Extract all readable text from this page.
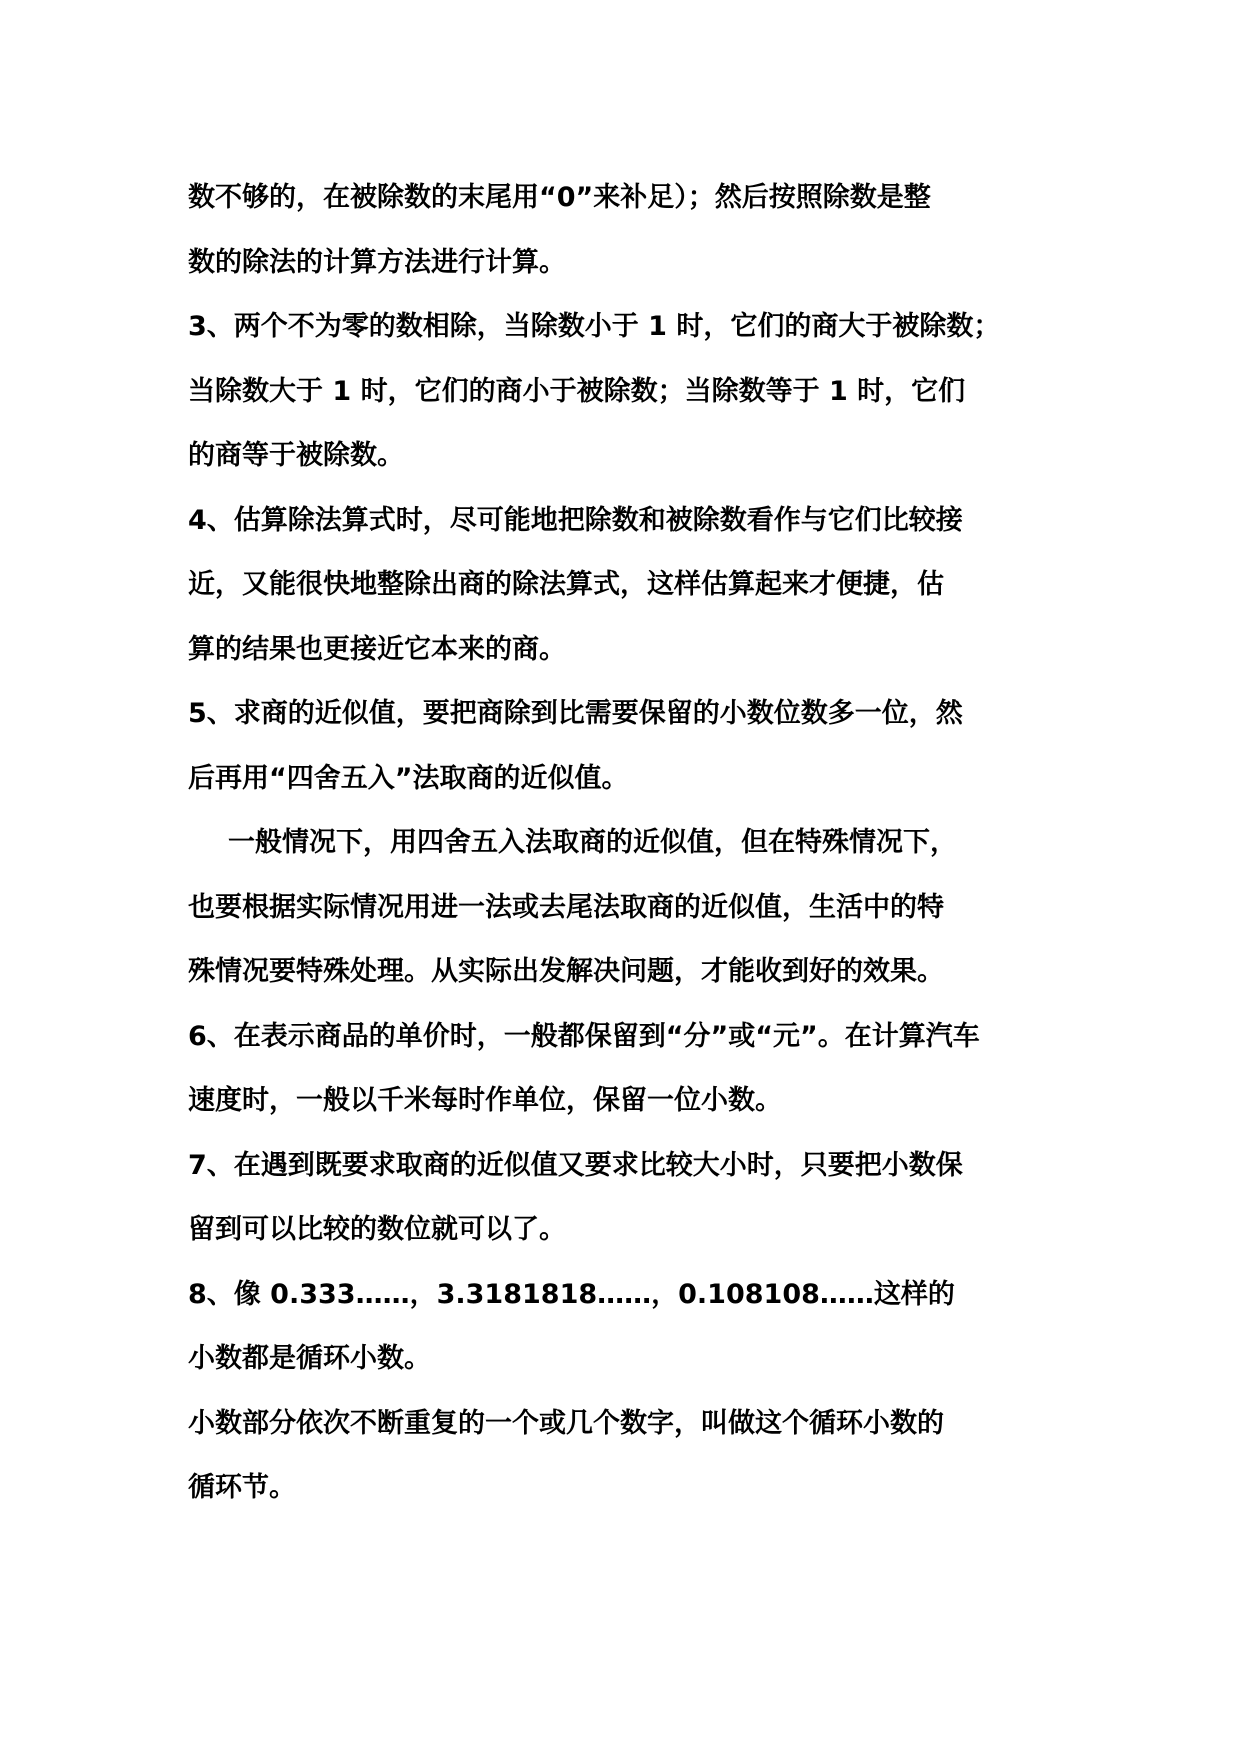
数不够的，在被除数的末尾用“0”来补足）；然后按照除数是整

数的除法的计算方法进行计算。

3、两个不为零的数相除，当除数小于 1 时，它们的商大于被除数；

当除数大于 1 时，它们的商小于被除数；当除数等于 1 时，它们

的商等于被除数。

4、估算除法算式时，尽可能地把除数和被除数看作与它们比较接

近，又能很快地整除出商的除法算式，这样估算起来才便捷，估

算的结果也更接近它本来的商。

5、求商的近似值，要把商除到比需要保留的小数位数多一位，然

后再用“四舍五入”法取商的近似值。

一般情况下，用四舍五入法取商的近似值，但在特殊情况下，

也要根据实际情况用进一法或去尾法取商的近似值，生活中的特

殊情况要特殊处理。从实际出发解决问题，才能收到好的效果。

6、在表示商品的单价时，一般都保留到“分”或“元”。在计算汽车

速度时，一般以千米每时作单位，保留一位小数。

7、在遇到既要求取商的近似值又要求比较大小时，只要把小数保

留到可以比较的数位就可以了。

8、像 0.333……，3.3181818……，0.108108……这样的

小数都是循环小数。

小数部分依次不断重复的一个或几个数字，叫做这个循环小数的

循环节。
